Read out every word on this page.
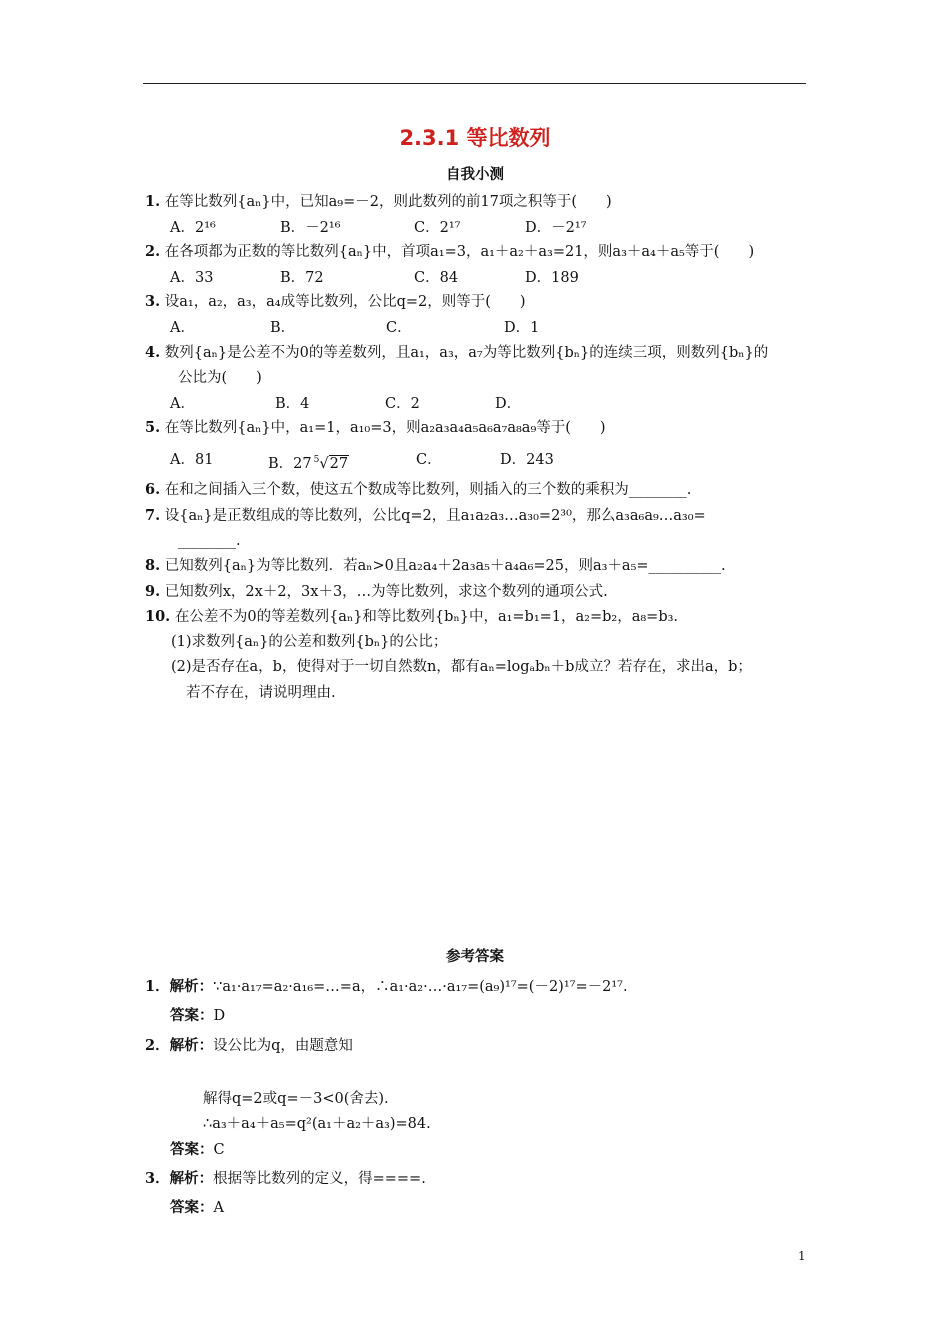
2.3.1 等比数列
自我小测
1. 在等比数列{aₙ}中，已知a₉=－2，则此数列的前17项之积等于(　　)
A．2¹⁶	B．－2¹⁶	C．2¹⁷	D．－2¹⁷
2. 在各项都为正数的等比数列{aₙ}中，首项a₁=3，a₁＋a₂＋a₃=21，则a₃＋a₄＋a₅等于(　　)
A．33	B．72	C．84	D．189
3. 设a₁，a₂，a₃，a₄成等比数列，公比q=2，则等于(　　)
A．	B．	C．	D．1
4. 数列{aₙ}是公差不为0的等差数列，且a₁，a₃，a₇为等比数列{bₙ}的连续三项，则数列{bₙ}的
公比为(　　)
A．	B．4	C．2	D．
5. 在等比数列{aₙ}中，a₁=1，a₁₀=3，则a₂a₃a₄a₅a₆a₇a₈a₉等于(　　)
A．81	B．27 $^5$√27	C．	D．243
6. 在和之间插入三个数，使这五个数成等比数列，则插入的三个数的乘积为________.
7. 设{aₙ}是正数组成的等比数列，公比q=2，且a₁a₂a₃…a₃₀=2³⁰，那么a₃a₆a₉…a₃₀=
________.
8. 已知数列{aₙ}为等比数列．若aₙ>0且a₂a₄＋2a₃a₅＋a₄a₆=25，则a₃＋a₅=__________.
9. 已知数列x，2x＋2，3x＋3，…为等比数列，求这个数列的通项公式.
10. 在公差不为0的等差数列{aₙ}和等比数列{bₙ}中，a₁=b₁=1，a₂=b₂，a₈=b₃.
(1)求数列{aₙ}的公差和数列{bₙ}的公比；
(2)是否存在a，b，使得对于一切自然数n，都有aₙ=logₐbₙ＋b成立？若存在，求出a，b；
若不存在，请说明理由.
参考答案
1．解析：∵a₁·a₁₇=a₂·a₁₆=…=a，∴a₁·a₂·…·a₁₇=(a₉)¹⁷=(－2)¹⁷=－2¹⁷.
答案：D
2．解析：设公比为q，由题意知
解得q=2或q=－3<0(舍去).
∴a₃＋a₄＋a₅=q²(a₁＋a₂＋a₃)=84.
答案：C
3．解析：根据等比数列的定义，得====.
答案：A
1
